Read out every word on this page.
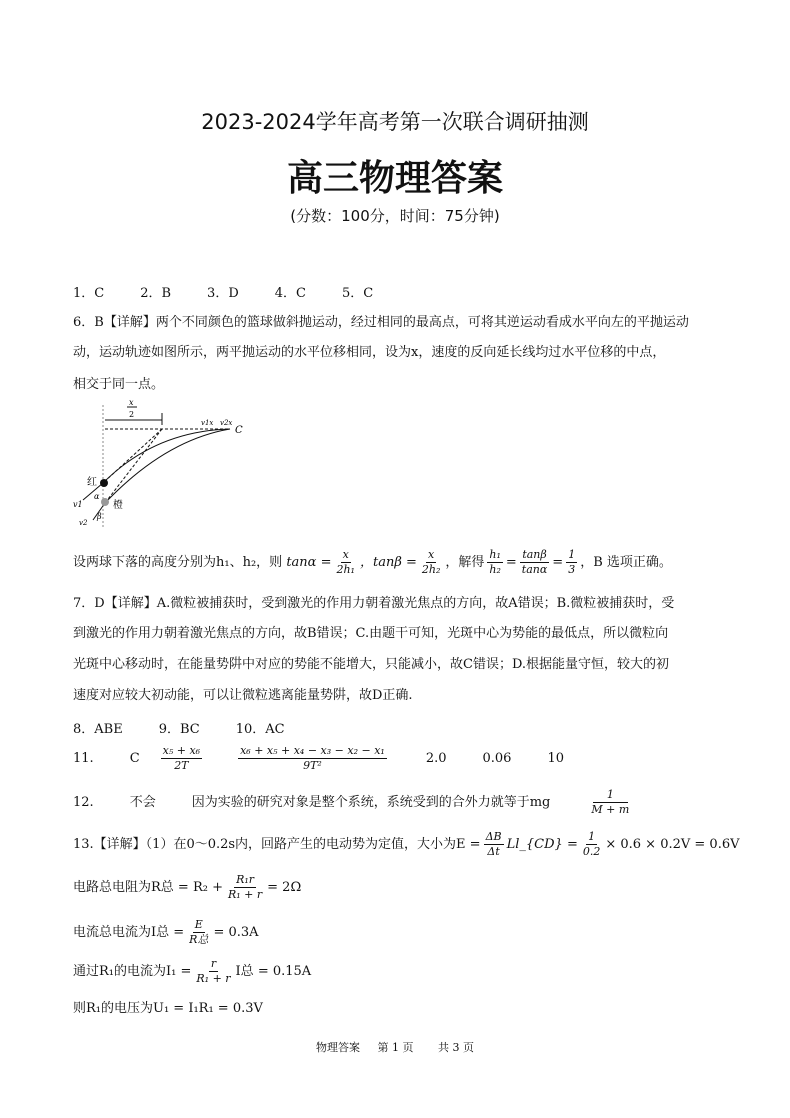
2023-2024学年高考第一次联合调研抽测
高三物理答案
(分数：100分，时间：75分钟)
1．C	2．B	3．D	4．C	5．C
6．B【详解】两个不同颜色的篮球做斜抛运动，经过相同的最高点，可将其逆运动看成水平向左的平抛运动
动，运动轨迹如图所示，两平抛运动的水平位移相同，设为x，速度的反向延长线均过水平位移的中点，
相交于同一点。
x
2
C
v1x v2x
红
橙
v1
v2
α
β
设两球下落的高度分别为h₁、h₂，则 $\tan\alpha = \frac{x}{\text{2h₁}}$ ，$\tan\beta = \frac{x}{\text{2h₂}}$ ，解得 $\frac{\text{h₁}}{\text{h₂}} = \frac{\tan\beta}{\tan\alpha} = \frac{1}{3}$ ，B 选项正确。
7．D【详解】A.微粒被捕获时，受到激光的作用力朝着激光焦点的方向，故A错误；B.微粒被捕获时，受
到激光的作用力朝着激光焦点的方向，故B错误；C.由题干可知，光斑中心为势能的最低点，所以微粒向
光斑中心移动时，在能量势阱中对应的势能不能增大，只能减小，故C错误；D.根据能量守恒，较大的初
速度对应较大初动能，可以让微粒逃离能量势阱，故D正确.
8．ABE	9．BC	10．AC
11.	C $\frac{\text{x₅ + x₆}}{2T}$	$\frac{\text{x₆ + x₅ + x₄ − x₃ − x₂ − x₁}}{\text{9T²}}$	2.0	0.06	10
12.	不会	因为实验的研究对象是整个系统，系统受到的合外力就等于mg	$\frac{1}{M + m}$
13.【详解】（1）在0～0.2s内，回路产生的电动势为定值，大小为$E = \frac{\Delta B}{\Delta t}$ Ll_{CD} = $\frac{1}{0.2} \times 0.6 \times 0.2V = 0.6V$
电路总电阻为R总 = $R_2 + \frac{\text{R₁r}}{\text{R₁ + r}} = 2\Omega$
电流总电流为I总 =
E
R总 = 0.3A
通过R₁的电流为$I_1 = \frac{r}{\text{R₁ + r}}$ I总 = 0.15A
则R₁的电压为U₁ = I₁R₁ = 0.3V
物理答案 第 1 页 共 3 页
